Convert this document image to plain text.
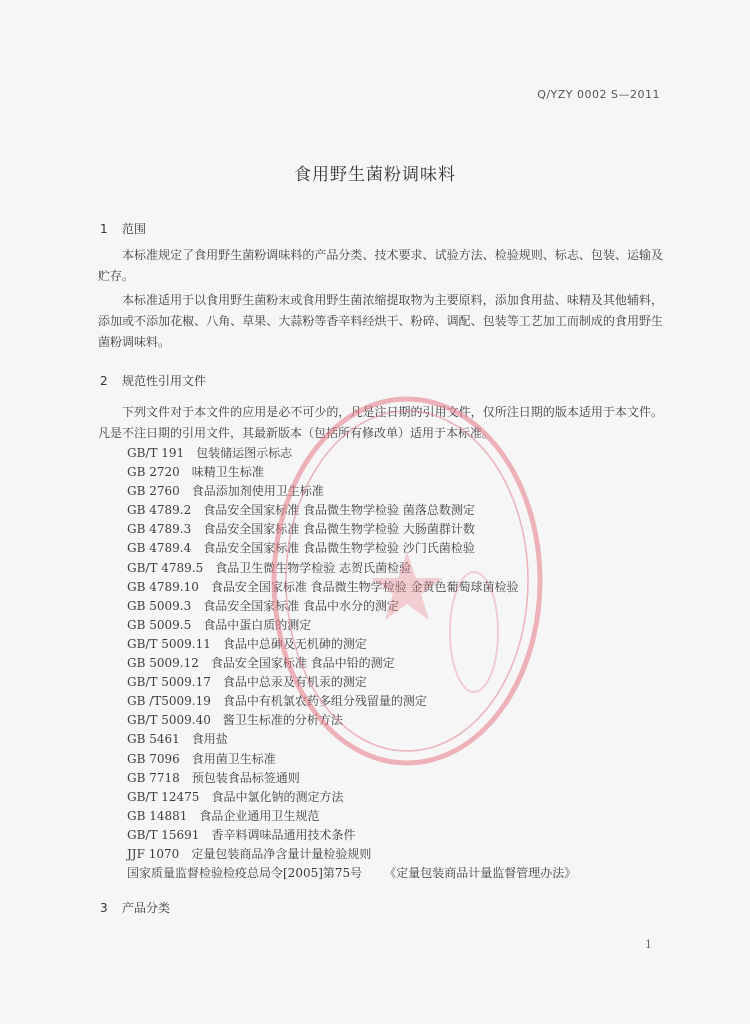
Q/YZY 0002 S—2011
食用野生菌粉调味料
1 范围

本标准规定了食用野生菌粉调味料的产品分类、技术要求、试验方法、检验规则、标志、包装、运输及贮存。

本标准适用于以食用野生菌粉末或食用野生菌浓缩提取物为主要原料，添加食用盐、味精及其他辅料，添加或不添加花椒、八角、草果、大蒜粉等香辛料经烘干、粉碎、调配、包装等工艺加工而制成的食用野生菌粉调味料。

2 规范性引用文件

下列文件对于本文件的应用是必不可少的，凡是注日期的引用文件，仅所注日期的版本适用于本文件。凡是不注日期的引用文件，其最新版本（包括所有修改单）适用于本标准。

GB/T 191 包装储运图示标志
GB 2720 味精卫生标准
GB 2760 食品添加剂使用卫生标准
GB 4789.2 食品安全国家标准 食品微生物学检验 菌落总数测定
GB 4789.3 食品安全国家标准 食品微生物学检验 大肠菌群计数
GB 4789.4 食品安全国家标准 食品微生物学检验 沙门氏菌检验
GB/T 4789.5 食品卫生微生物学检验 志贺氏菌检验
GB 4789.10 食品安全国家标准 食品微生物学检验 金黄色葡萄球菌检验
GB 5009.3 食品安全国家标准 食品中水分的测定
GB 5009.5 食品中蛋白质的测定
GB/T 5009.11 食品中总砷及无机砷的测定
GB 5009.12 食品安全国家标准 食品中铅的测定
GB/T 5009.17 食品中总汞及有机汞的测定
GB /T5009.19 食品中有机氯农药多组分残留量的测定
GB/T 5009.40 酱卫生标准的分析方法
GB 5461 食用盐
GB 7096 食用菌卫生标准
GB 7718 预包装食品标签通则
GB/T 12475 食品中氯化钠的测定方法
GB 14881 食品企业通用卫生规范
GB/T 15691 香辛料调味品通用技术条件
JJF 1070 定量包装商品净含量计量检验规则
国家质量监督检验检疫总局令[2005]第75号 《定量包装商品计量监督管理办法》
3 产品分类
1
